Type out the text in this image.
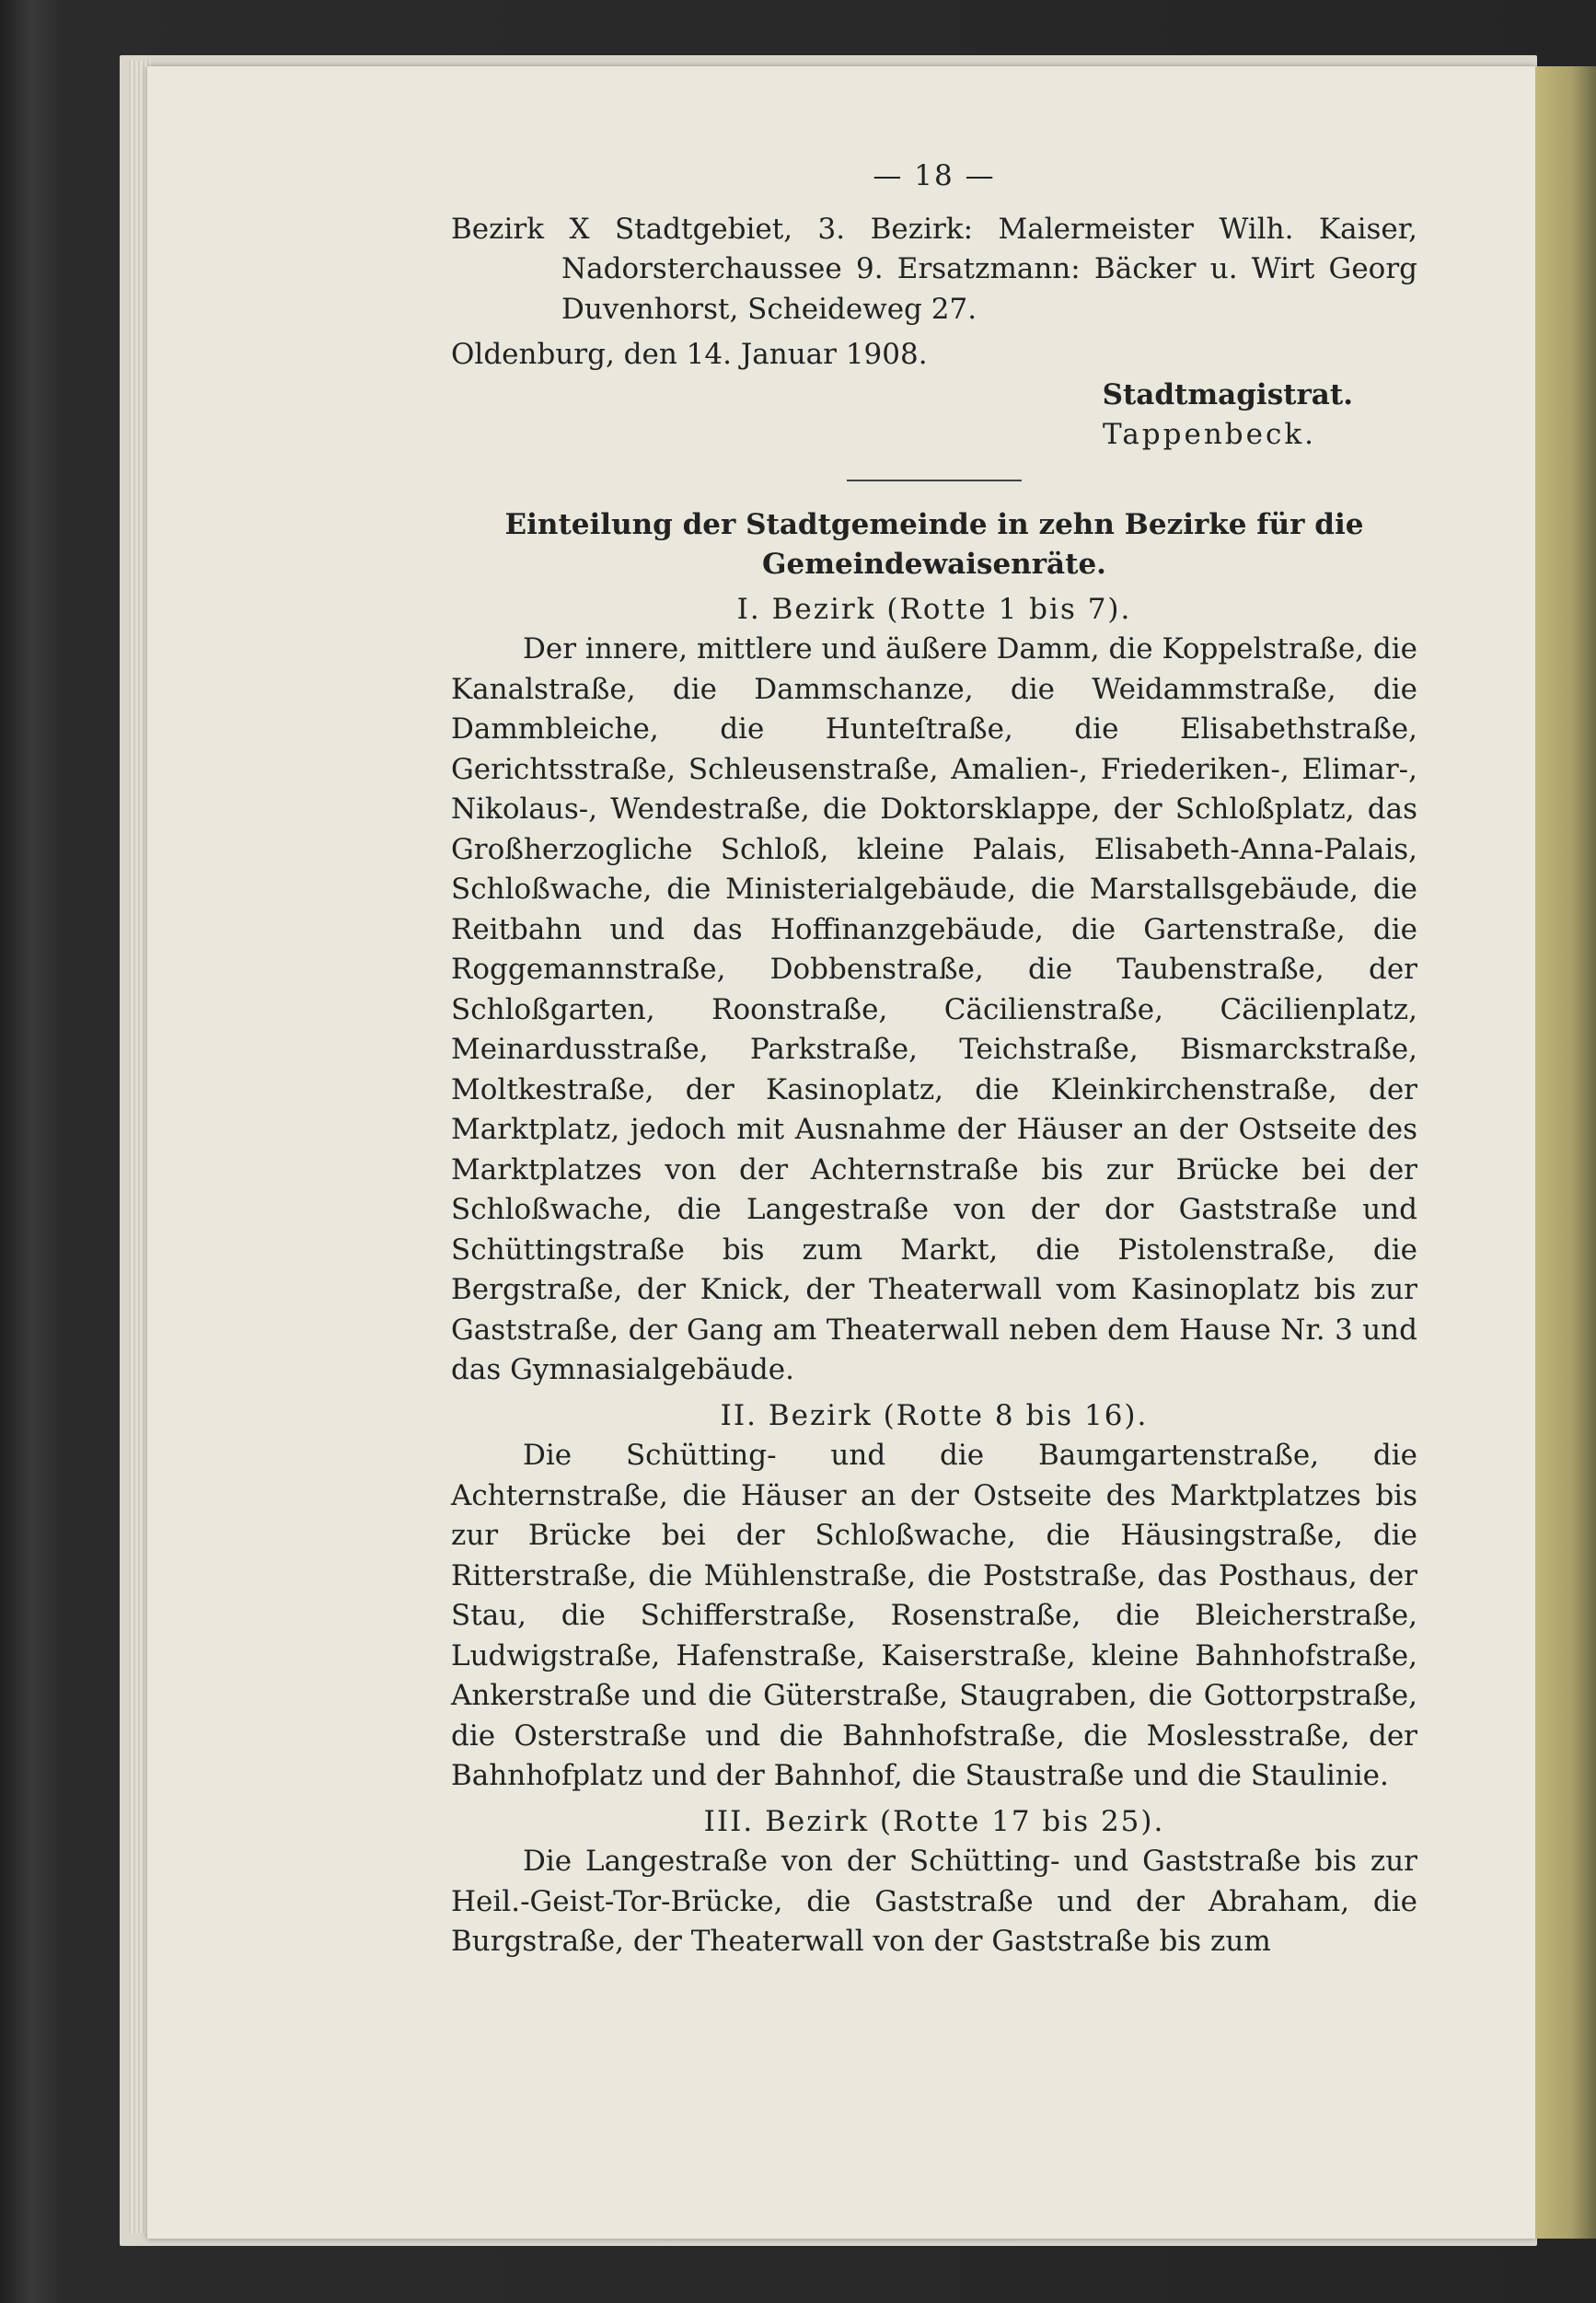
— 18 —

Bezirk X Stadtgebiet, 3. Bezirk: Malermeister Wilh. Kaiser, Nadorsterchaussee 9. Ersatzmann: Bäcker u. Wirt Georg Duvenhorst, Scheideweg 27.

Oldenburg, den 14. Januar 1908.

Stadtmagistrat.

Tappenbeck.

Einteilung der Stadtgemeinde in zehn Bezirke für die Gemeindewaisenräte.

I. Bezirk (Rotte 1 bis 7).

Der innere, mittlere und äußere Damm, die Koppelstraße, die Kanalstraße, die Dammschanze, die Weidammstraße, die Dammbleiche, die Hunteſtraße, die Elisabethstraße, Gerichtsstraße, Schleusenstraße, Amalien-, Friederiken-, Elimar-, Nikolaus-, Wendestraße, die Doktorsklappe, der Schloßplatz, das Großherzogliche Schloß, kleine Palais, Elisabeth-Anna-Palais, Schloßwache, die Ministerialgebäude, die Marstallsgebäude, die Reitbahn und das Hoffinanzgebäude, die Gartenstraße, die Roggemannstraße, Dobbenstraße, die Taubenstraße, der Schloßgarten, Roonstraße, Cäcilienstraße, Cäcilienplatz, Meinardusstraße, Parkstraße, Teichstraße, Bismarckstraße, Moltkestraße, der Kasinoplatz, die Kleinkirchenstraße, der Marktplatz, jedoch mit Ausnahme der Häuser an der Ostseite des Marktplatzes von der Achternstraße bis zur Brücke bei der Schloßwache, die Langestraße von der dor Gaststraße und Schüttingstraße bis zum Markt, die Pistolenstraße, die Bergstraße, der Knick, der Theaterwall vom Kasinoplatz bis zur Gaststraße, der Gang am Theaterwall neben dem Hause Nr. 3 und das Gymnasialgebäude.

II. Bezirk (Rotte 8 bis 16).

Die Schütting- und die Baumgartenstraße, die Achternstraße, die Häuser an der Ostseite des Marktplatzes bis zur Brücke bei der Schloßwache, die Häusingstraße, die Ritterstraße, die Mühlenstraße, die Poststraße, das Posthaus, der Stau, die Schifferstraße, Rosenstraße, die Bleicherstraße, Ludwigstraße, Hafenstraße, Kaiserstraße, kleine Bahnhofstraße, Ankerstraße und die Güterstraße, Staugraben, die Gottorpstraße, die Osterstraße und die Bahnhofstraße, die Moslesstraße, der Bahnhofplatz und der Bahnhof, die Staustraße und die Staulinie.

III. Bezirk (Rotte 17 bis 25).

Die Langestraße von der Schütting- und Gaststraße bis zur Heil.-Geist-Tor-Brücke, die Gaststraße und der Abraham, die Burgstraße, der Theaterwall von der Gaststraße bis zum
